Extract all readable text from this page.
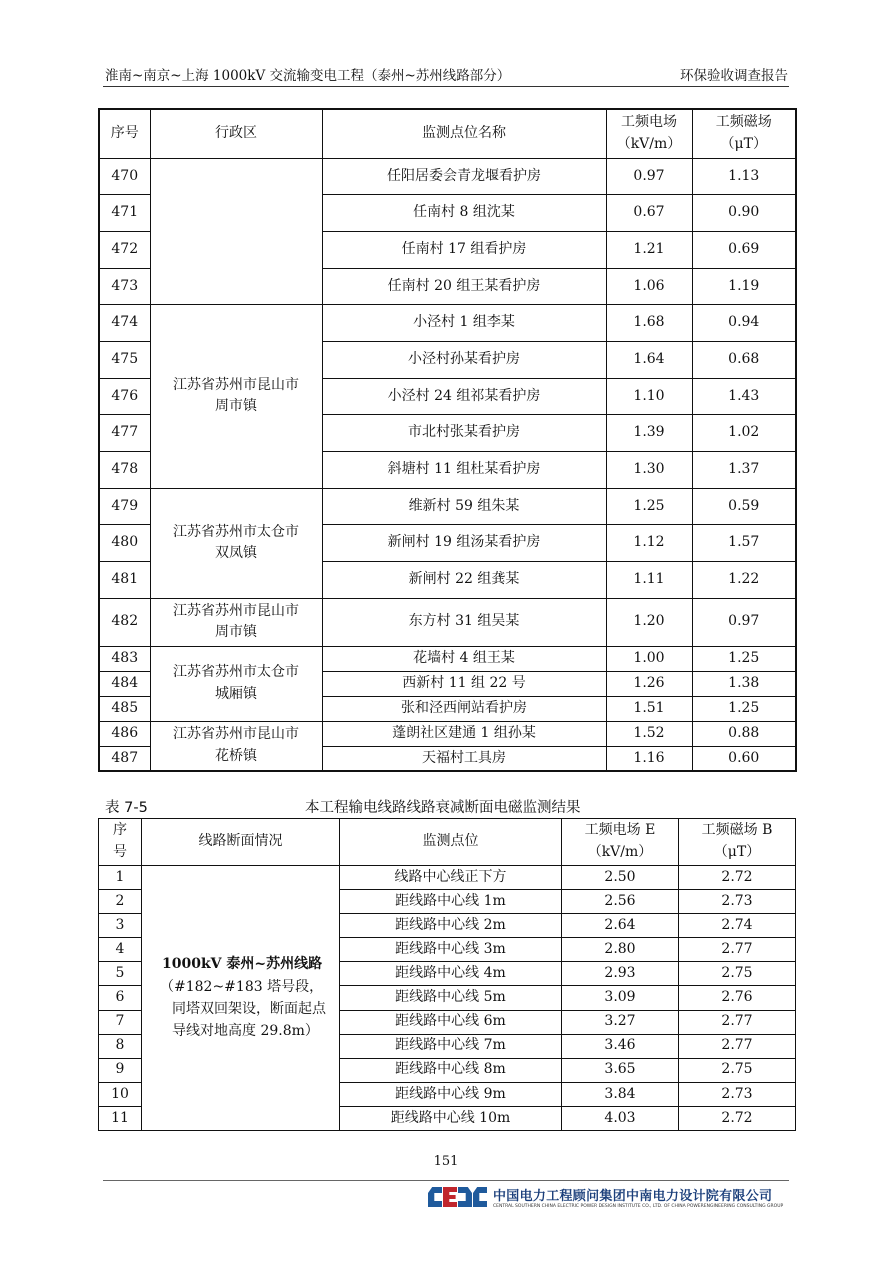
淮南~南京~上海 1000kV 交流输变电工程（泰州~苏州线路部分）	环保验收调查报告
序号	行政区	监测点位名称	工频电场
（kV/m）	工频磁场
（μT）
470		任阳居委会青龙堰看护房	0.97	1.13
471		任南村 8 组沈某	0.67	0.90
472		任南村 17 组看护房	1.21	0.69
473		任南村 20 组王某看护房	1.06	1.19
474	江苏省苏州市昆山市
周市镇	小泾村 1 组李某	1.68	0.94
475		小泾村孙某看护房	1.64	0.68
476		小泾村 24 组祁某看护房	1.10	1.43
477		市北村张某看护房	1.39	1.02
478		斜塘村 11 组杜某看护房	1.30	1.37
479	江苏省苏州市太仓市
双凤镇	维新村 59 组朱某	1.25	0.59
480		新闸村 19 组汤某看护房	1.12	1.57
481		新闸村 22 组龚某	1.11	1.22
482	江苏省苏州市昆山市
周市镇	东方村 31 组吴某	1.20	0.97
483	江苏省苏州市太仓市
城厢镇	花墙村 4 组王某	1.00	1.25
484		西新村 11 组 22 号	1.26	1.38
485		张和泾西闸站看护房	1.51	1.25
486	江苏省苏州市昆山市
花桥镇	蓬朗社区建通 1 组孙某	1.52	0.88
487		天福村工具房	1.16	0.60
表 7-5	本工程输电线路线路衰减断面电磁监测结果
序
号	线路断面情况	监测点位	工频电场 E
（kV/m）	工频磁场 B
（μT）
1	1000kV 泰州~苏州线路
（#182~#183 塔号段，同塔双回架设，断面起点导线对地高度 29.8m）	线路中心线正下方	2.50	2.72
2		距线路中心线 1m	2.56	2.73
3		距线路中心线 2m	2.64	2.74
4		距线路中心线 3m	2.80	2.77
5		距线路中心线 4m	2.93	2.75
6		距线路中心线 5m	3.09	2.76
7		距线路中心线 6m	3.27	2.77
8		距线路中心线 7m	3.46	2.77
9		距线路中心线 8m	3.65	2.75
10		距线路中心线 9m	3.84	2.73
11		距线路中心线 10m	4.03	2.72
151
中国电力工程顾问集团中南电力设计院有限公司
CENTRAL SOUTHERN CHINA ELECTRIC POWER DESIGN INSTITUTE CO., LTD. OF CHINA POWERENGINEERING CONSULTING GROUP
